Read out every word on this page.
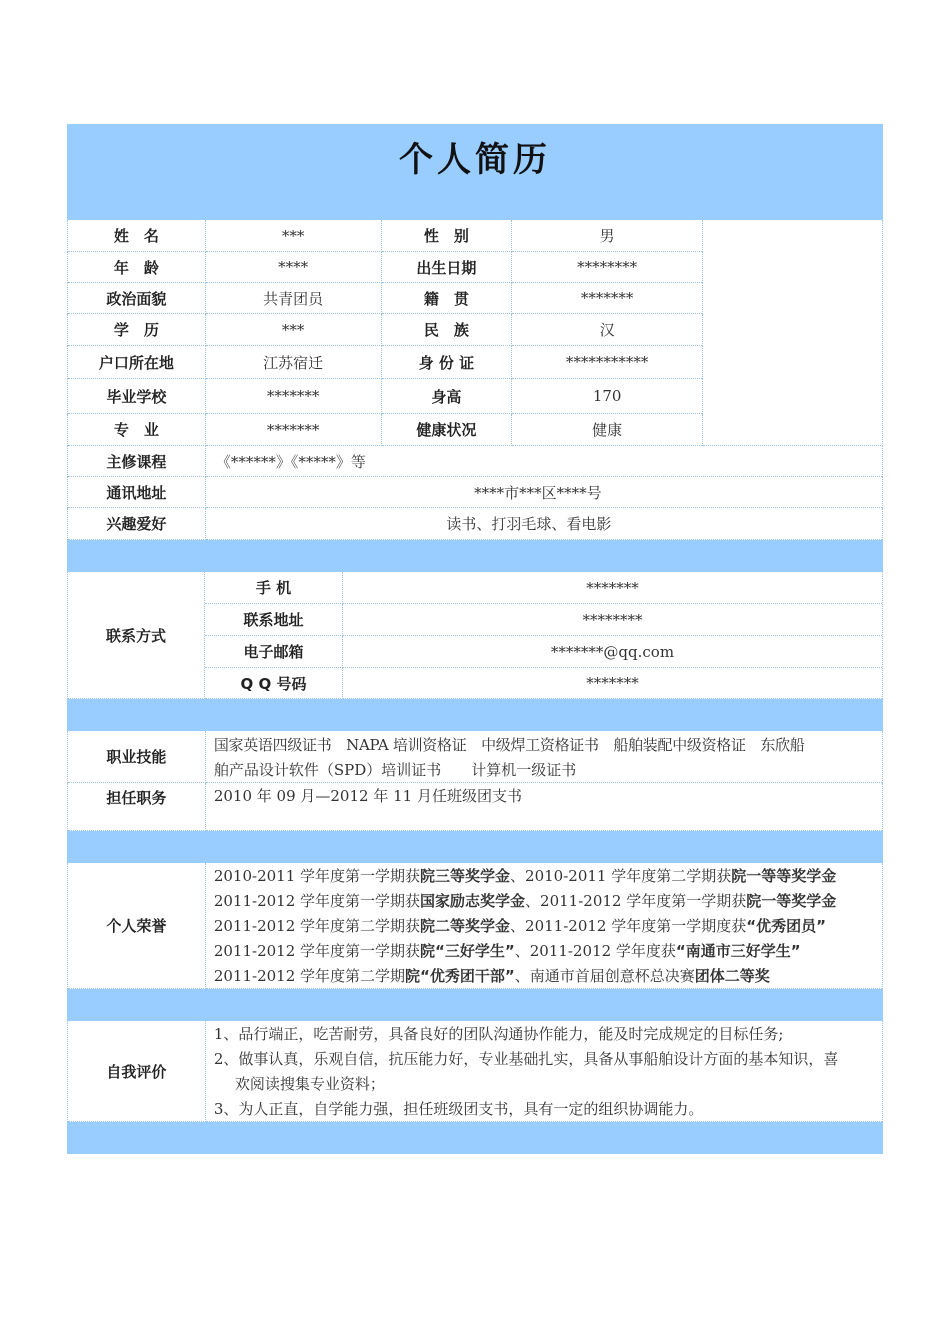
个人简历
姓　名	***	性　别	男
年　龄	****	出生日期	********
政治面貌	共青团员	籍　贯	*******
学　历	***	民　族	汉
户口所在地	江苏宿迁	身 份 证	***********
毕业学校	*******	身高	170
专　业	*******	健康状况	健康
主修课程	《******》《*****》等
通讯地址	****市***区****号
兴趣爱好	读书、打羽毛球、看电影
联系方式
手 机	*******
联系地址	********
电子邮箱	*******@qq.com
Q Q 号码	*******
职业技能
国家英语四级证书　NAPA 培训资格证　中级焊工资格证书　船舶装配中级资格证　东欣船
舶产品设计软件（SPD）培训证书　　计算机一级证书
担任职务	2010 年 09 月—2012 年 11 月任班级团支书
个人荣誉
2010-2011 学年度第一学期获院三等奖学金、2010-2011 学年度第二学期获院一等等奖学金
2011-2012 学年度第一学期获国家励志奖学金、2011-2012 学年度第一学期获院一等奖学金
2011-2012 学年度第二学期获院二等奖学金、2011-2012 学年度第一学期度获“优秀团员”
2011-2012 学年度第一学期获院“三好学生”、2011-2012 学年度获“南通市三好学生”
2011-2012 学年度第二学期院“优秀团干部”、南通市首届创意杯总决赛团体二等奖
自我评价
1、品行端正，吃苦耐劳，具备良好的团队沟通协作能力，能及时完成规定的目标任务;
2、做事认真，乐观自信，抗压能力好，专业基础扎实，具备从事船舶设计方面的基本知识，喜
欢阅读搜集专业资料；
3、为人正直，自学能力强，担任班级团支书，具有一定的组织协调能力。
